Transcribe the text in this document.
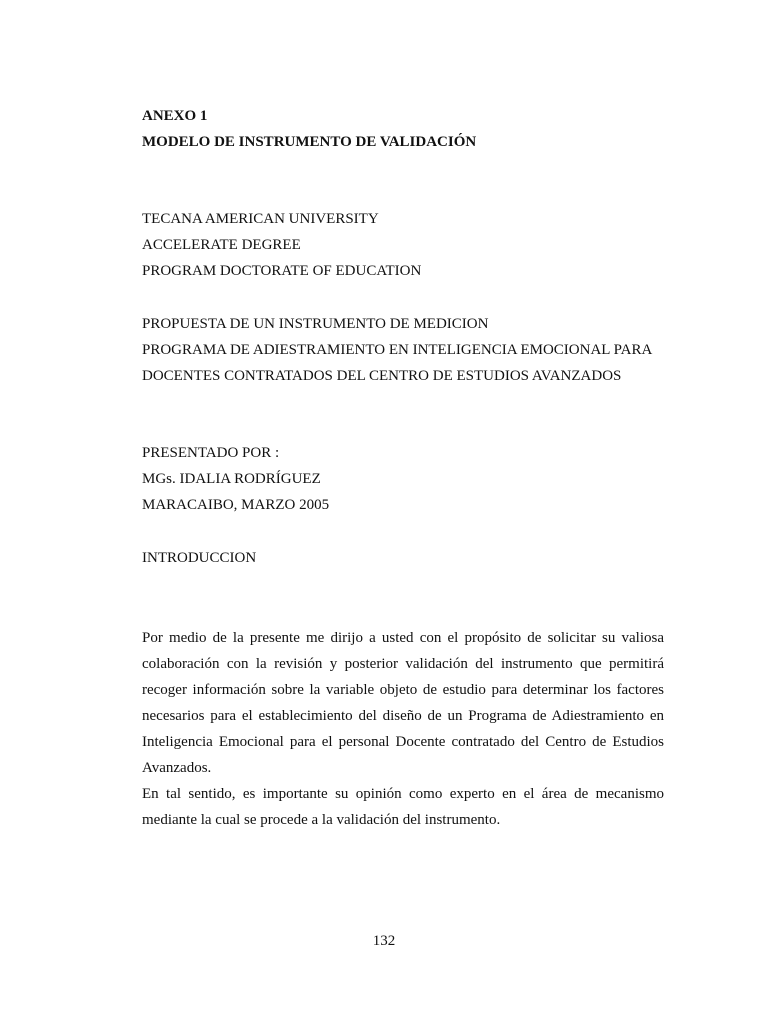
ANEXO 1
MODELO DE INSTRUMENTO DE VALIDACIÓN
TECANA AMERICAN UNIVERSITY
ACCELERATE DEGREE
PROGRAM DOCTORATE OF EDUCATION
PROPUESTA DE UN INSTRUMENTO DE MEDICION
PROGRAMA DE ADIESTRAMIENTO EN INTELIGENCIA EMOCIONAL PARA
DOCENTES CONTRATADOS DEL CENTRO DE ESTUDIOS AVANZADOS
PRESENTADO POR :
MGs. IDALIA RODRÍGUEZ
MARACAIBO, MARZO 2005
INTRODUCCION

Por medio de la presente me dirijo a usted con el propósito de solicitar su valiosa colaboración con la revisión y posterior validación del instrumento que permitirá recoger información sobre la variable objeto de estudio para determinar los factores necesarios para el establecimiento del diseño de un Programa de Adiestramiento en Inteligencia Emocional para el personal Docente contratado del Centro de Estudios Avanzados.

En tal sentido, es importante su opinión como experto en el área de mecanismo mediante la cual se procede a la validación del instrumento.

132
